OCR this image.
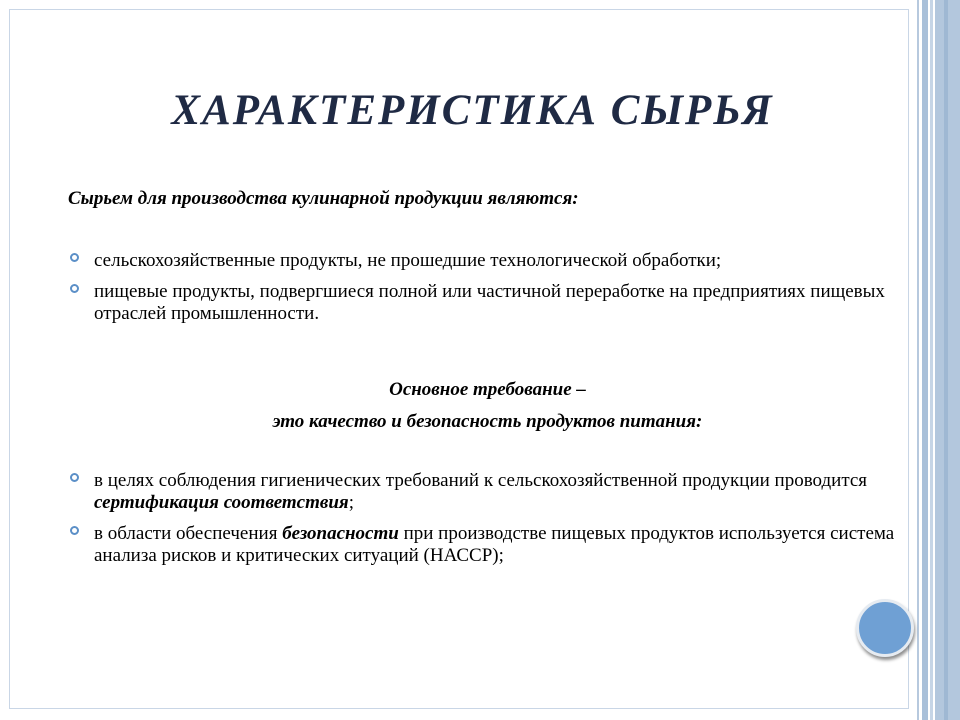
ХАРАКТЕРИСТИКА СЫРЬЯ

Сырьем для производства кулинарной продукции являются:

сельскохозяйственные продукты, не прошедшие технологической обработки;
пищевые продукты, подвергшиеся полной или частичной переработке на предприятиях пищевых отраслей промышленности.

Основное требование –

это качество и безопасность продуктов питания:

в целях соблюдения гигиенических требований к сельскохозяйственной продукции проводится сертификация соответствия;
в области обеспечения безопасности при производстве пищевых продуктов используется система анализа рисков и критических ситуаций (НАССР);
